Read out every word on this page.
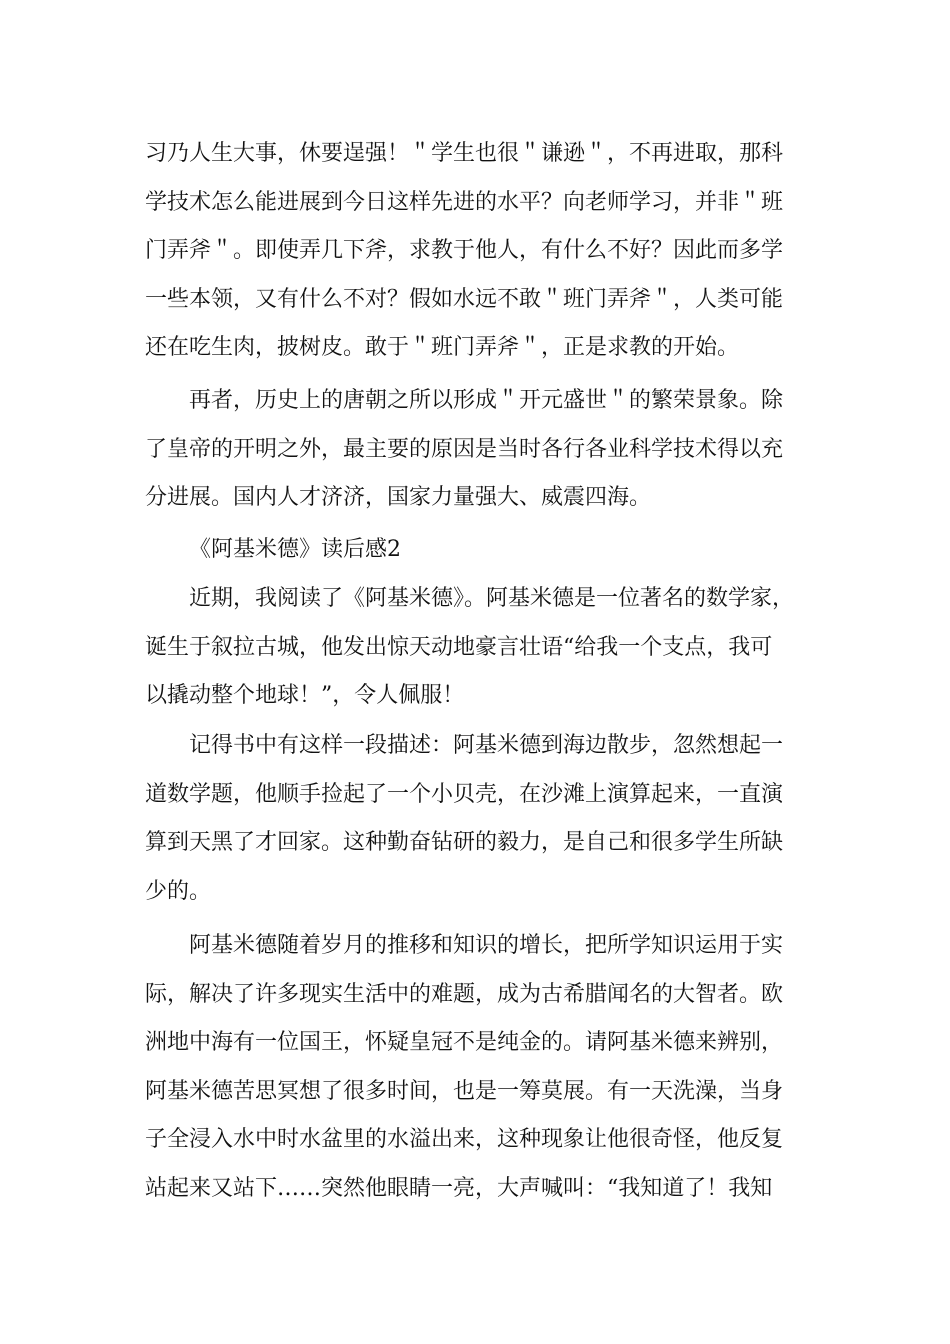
习乃人生大事，休要逞强！＂学生也很＂谦逊＂，不再进取，那科
学技术怎么能进展到今日这样先进的水平？向老师学习，并非＂班
门弄斧＂。即使弄几下斧，求教于他人，有什么不好？因此而多学
一些本领，又有什么不对？假如水远不敢＂班门弄斧＂，人类可能
还在吃生肉，披树皮。敢于＂班门弄斧＂，正是求教的开始。
再者，历史上的唐朝之所以形成＂开元盛世＂的繁荣景象。除
了皇帝的开明之外，最主要的原因是当时各行各业科学技术得以充
分进展。国内人才济济，国家力量强大、威震四海。
《阿基米德》读后感2
近期，我阅读了《阿基米德》。阿基米德是一位著名的数学家，
诞生于叙拉古城，他发出惊天动地豪言壮语“给我一个支点，我可
以撬动整个地球！”，令人佩服！
记得书中有这样一段描述：阿基米德到海边散步，忽然想起一
道数学题，他顺手捡起了一个小贝壳，在沙滩上演算起来，一直演
算到天黑了才回家。这种勤奋钻研的毅力，是自己和很多学生所缺
少的。
阿基米德随着岁月的推移和知识的增长，把所学知识运用于实
际，解决了许多现实生活中的难题，成为古希腊闻名的大智者。欧
洲地中海有一位国王，怀疑皇冠不是纯金的。请阿基米德来辨别，
阿基米德苦思冥想了很多时间，也是一筹莫展。有一天洗澡，当身
子全浸入水中时水盆里的水溢出来，这种现象让他很奇怪，他反复
站起来又站下……突然他眼睛一亮，大声喊叫：“我知道了！我知
